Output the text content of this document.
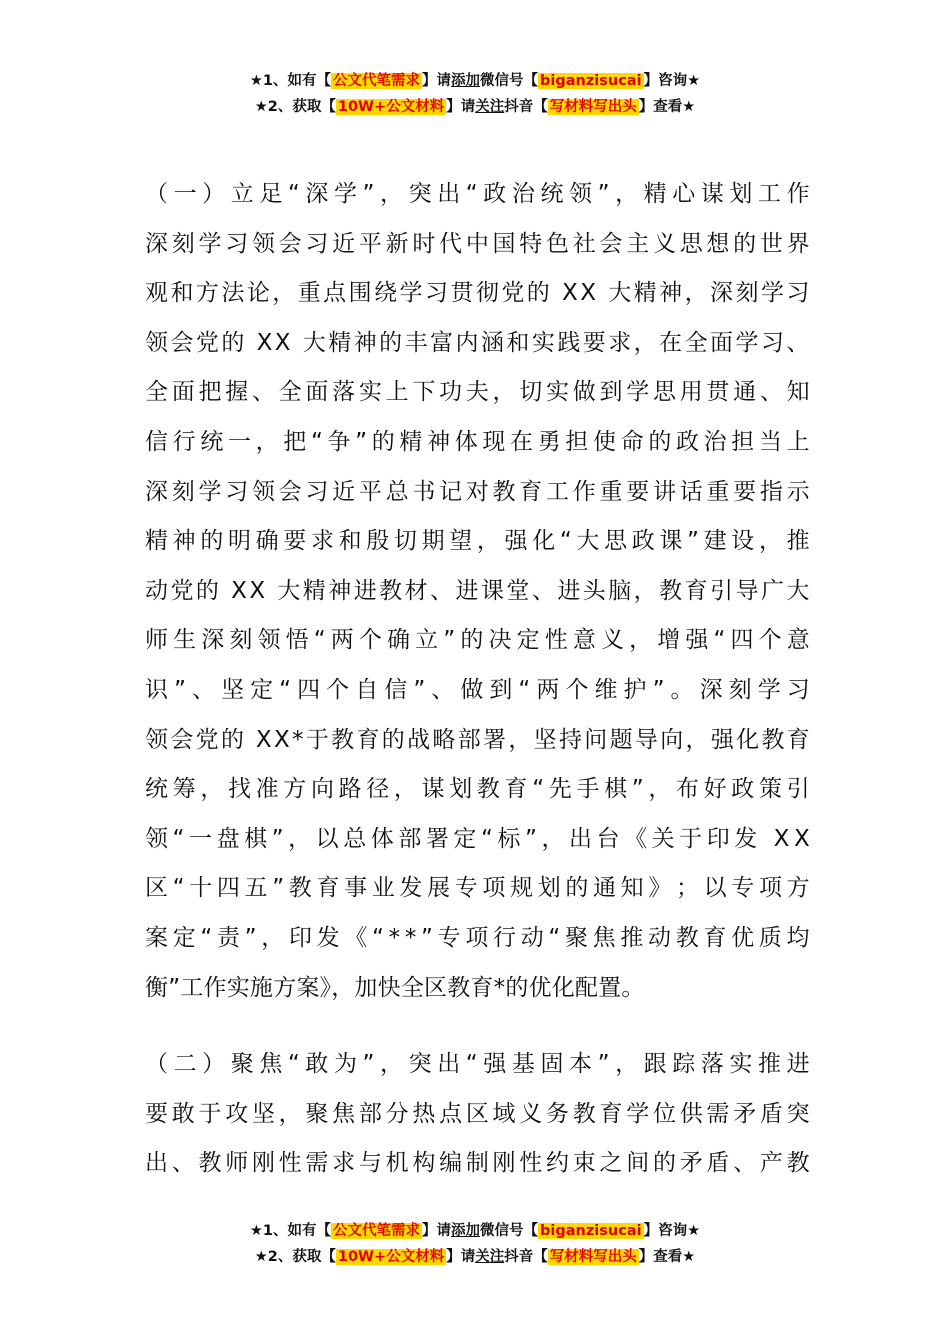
★1、如有【 公文代笔需求 】请添加微信号【 biganzisucai 】咨询★
★2、获取【 10W+公文材料 】请关注抖音【 写材料写出头 】查看★
（ 一 ） 立 足 “ 深 学 ” ， 突 出 “ 政 治 统 领 ” ， 精 心 谋 划 工 作
深 刻 学 习 领 会 习 近 平 新 时 代 中 国 特 色 社 会 主 义 思 想 的 世 界
观 和 方 法 论 ， 重 点 围 绕 学 习 贯 彻 党 的
X X
大 精 神 ， 深 刻 学 习
领 会 党 的
X X
大 精 神 的 丰 富 内 涵 和 实 践 要 求 ， 在 全 面 学 习 、
全 面 把 握 、 全 面 落 实 上 下 功 夫 ， 切 实 做 到 学 思 用 贯 通 、 知
信 行 统 一 ， 把 “ 争 ” 的 精 神 体 现 在 勇 担 使 命 的 政 治 担 当 上
深 刻 学 习 领 会 习 近 平 总 书 记 对 教 育 工 作 重 要 讲 话 重 要 指 示
精 神 的 明 确 要 求 和 殷 切 期 望 ， 强 化 “ 大 思 政 课 ” 建 设 ， 推
动 党 的
X X
大 精 神 进 教 材 、 进 课 堂 、 进 头 脑 ， 教 育 引 导 广 大
师 生 深 刻 领 悟 “ 两 个 确 立 ” 的 决 定 性 意 义 ， 增 强 “ 四 个 意
识 ” 、 坚 定 “ 四 个 自 信 ” 、 做 到 “ 两 个 维 护 ” 。 深 刻 学 习
领 会 党 的
X X * 于 教 育 的 战 略 部 署 ， 坚 持 问 题 导 向 ， 强 化 教 育
统 筹 ， 找 准 方 向 路 径 ， 谋 划 教 育 “ 先 手 棋 ” ， 布 好 政 策 引
领 “ 一 盘 棋 ” ， 以 总 体 部 署 定 “ 标 ” ， 出 台 《 关 于 印 发
X X
区 “ 十 四 五 ” 教 育 事 业 发 展 专 项 规 划 的 通 知 》 ； 以 专 项 方
案 定 “ 责 ” ， 印 发 《 “ * * ” 专 项 行 动 “ 聚 焦 推 动 教 育 优 质 均
衡”工作实施方案》，加快全区教育*的优化配置。
（ 二 ） 聚 焦 “ 敢 为 ” ， 突 出 “ 强 基 固 本 ” ， 跟 踪 落 实 推 进
要 敢 于 攻 坚 ， 聚 焦 部 分 热 点 区 域 义 务 教 育 学 位 供 需 矛 盾 突
出 、 教 师 刚 性 需 求 与 机 构 编 制 刚 性 约 束 之 间 的 矛 盾 、 产 教
★1、如有【 公文代笔需求 】请添加微信号【 biganzisucai 】咨询★
★2、获取【 10W+公文材料 】请关注抖音【 写材料写出头 】查看★
